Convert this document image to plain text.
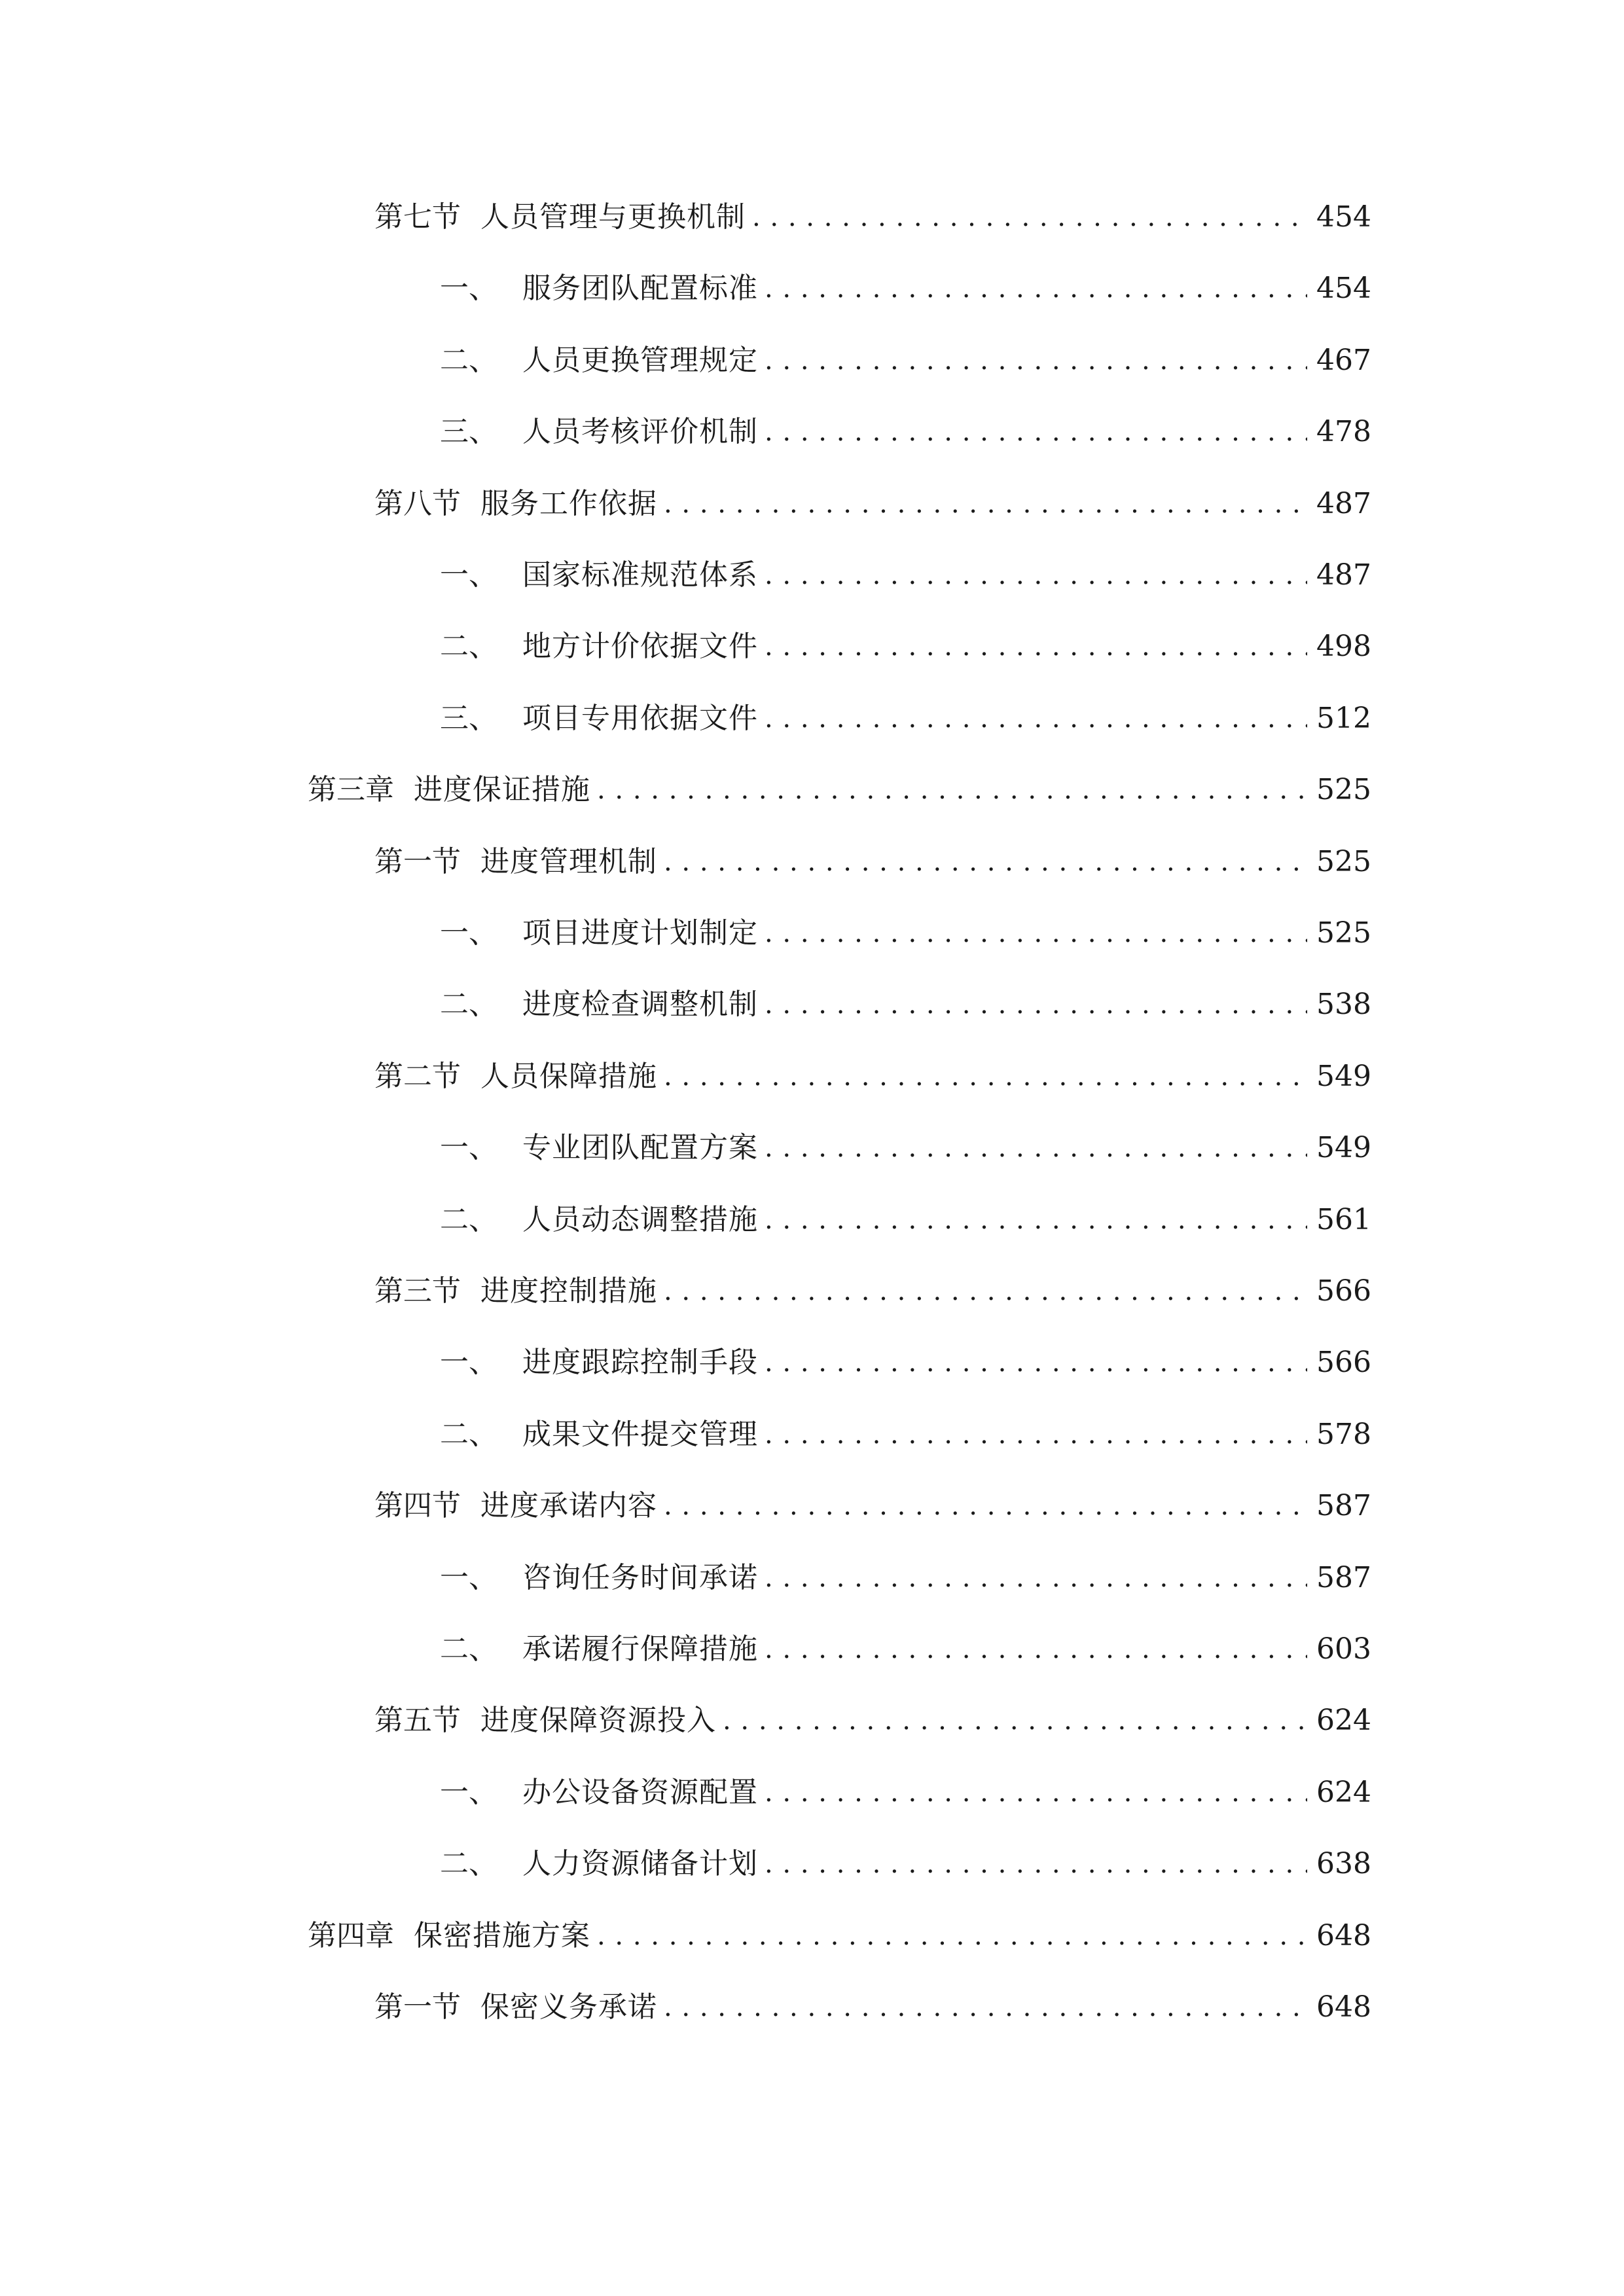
第七节 人员管理与更换机制 . . .	454
一、 服务团队配置标准 . . .	454
二、 人员更换管理规定 . . .	467
三、 人员考核评价机制 . . .	478
第八节 服务工作依据 . . .	487
一、 国家标准规范体系 . . .	487
二、 地方计价依据文件 . . .	498
三、 项目专用依据文件 . . .	512
第三章 进度保证措施 . . .	525
第一节 进度管理机制 . . .	525
一、 项目进度计划制定 . . .	525
二、 进度检查调整机制 . . .	538
第二节 人员保障措施 . . .	549
一、 专业团队配置方案 . . .	549
二、 人员动态调整措施 . . .	561
第三节 进度控制措施 . . .	566
一、 进度跟踪控制手段 . . .	566
二、 成果文件提交管理 . . .	578
第四节 进度承诺内容 . . .	587
一、 咨询任务时间承诺 . . .	587
二、 承诺履行保障措施 . . .	603
第五节 进度保障资源投入 . . .	624
一、 办公设备资源配置 . . .	624
二、 人力资源储备计划 . . .	638
第四章 保密措施方案 . . .	648
第一节 保密义务承诺 . . .	648
